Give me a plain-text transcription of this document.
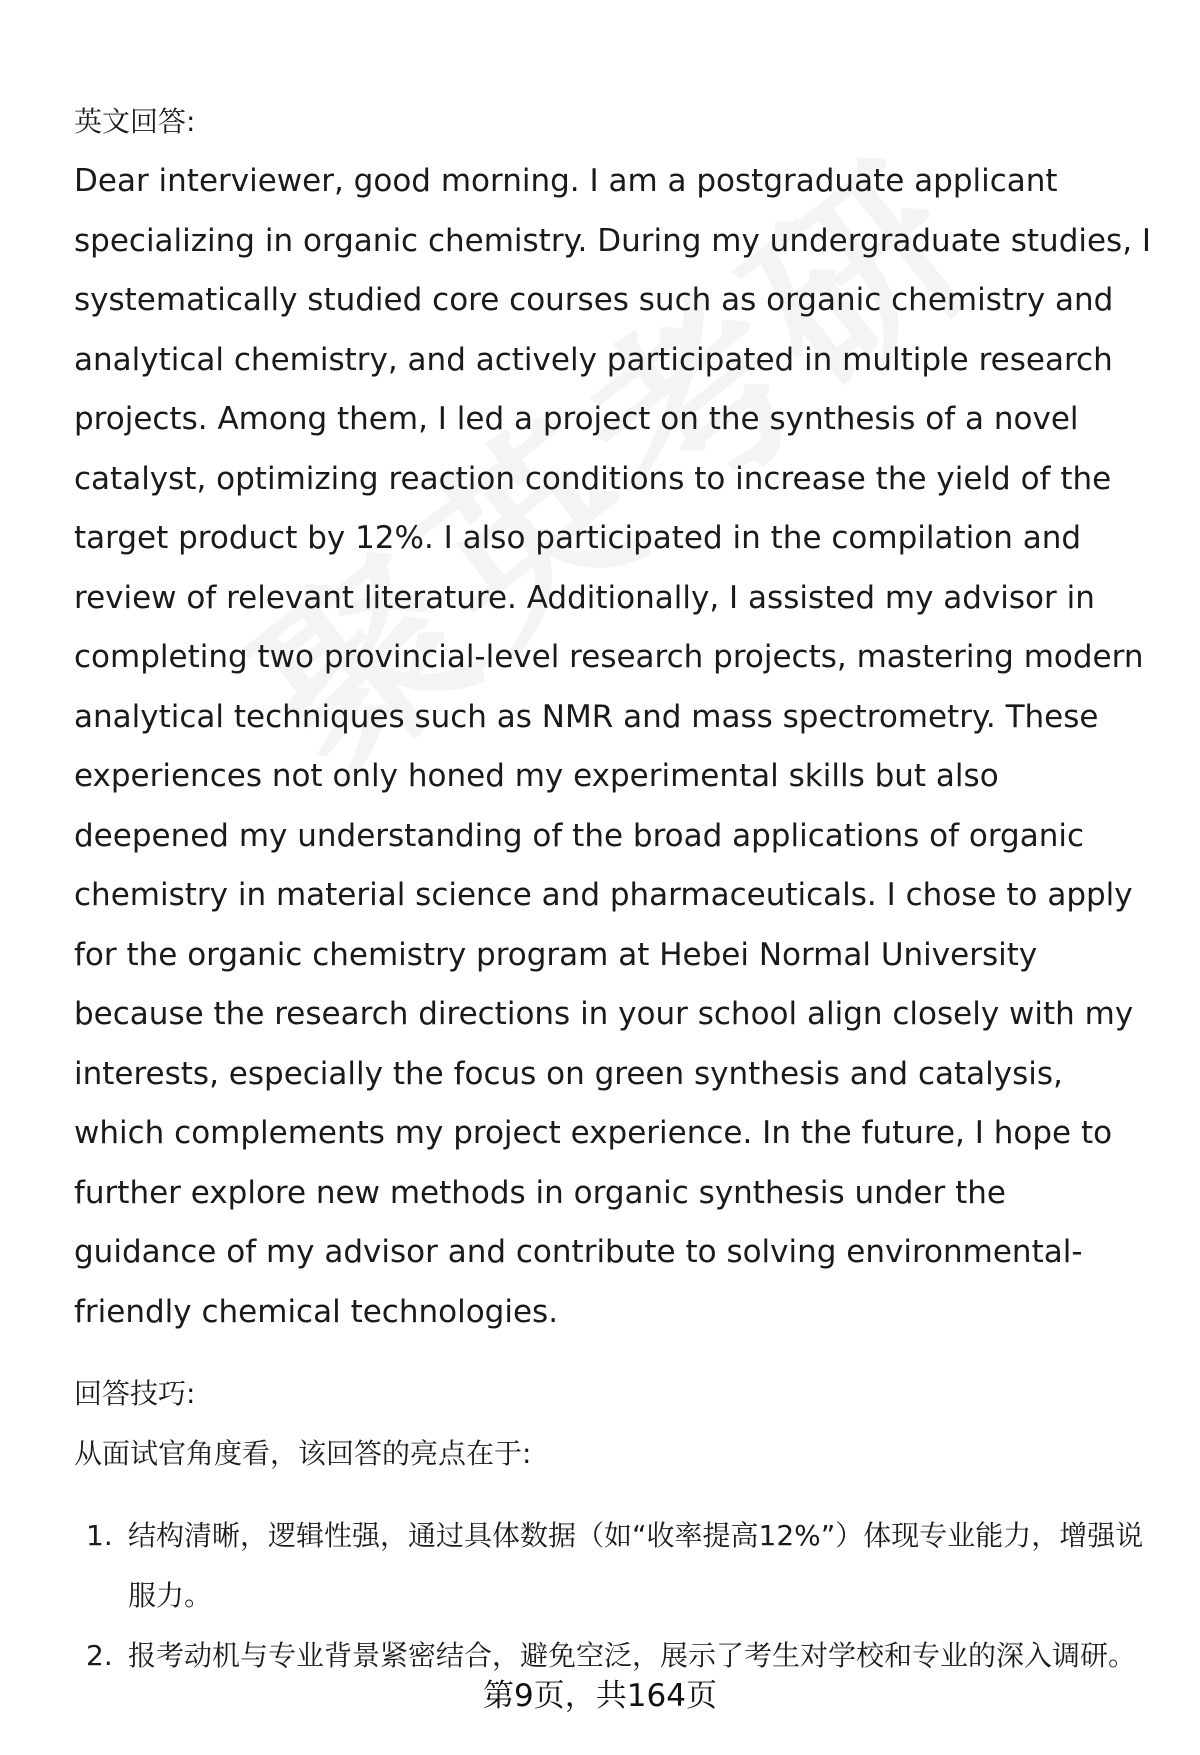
英文回答:

Dear interviewer, good morning. I am a postgraduate applicant specializing in organic chemistry. During my undergraduate studies, I systematically studied core courses such as organic chemistry and analytical chemistry, and actively participated in multiple research projects. Among them, I led a project on the synthesis of a novel catalyst, optimizing reaction conditions to increase the yield of the target product by 12%. I also participated in the compilation and review of relevant literature. Additionally, I assisted my advisor in completing two provincial-level research projects, mastering modern analytical techniques such as NMR and mass spectrometry. These experiences not only honed my experimental skills but also deepened my understanding of the broad applications of organic chemistry in material science and pharmaceuticals. I chose to apply for the organic chemistry program at Hebei Normal University because the research directions in your school align closely with my interests, especially the focus on green synthesis and catalysis, which complements my project experience. In the future, I hope to further explore new methods in organic synthesis under the guidance of my advisor and contribute to solving environmental-friendly chemical technologies.

回答技巧:

从面试官角度看，该回答的亮点在于:

1. 结构清晰，逻辑性强，通过具体数据（如“收率提高12%”）体现专业能力，增强说服力。
2. 报考动机与专业背景紧密结合，避免空泛，展示了考生对学校和专业的深入调研。
第9页，共164页
